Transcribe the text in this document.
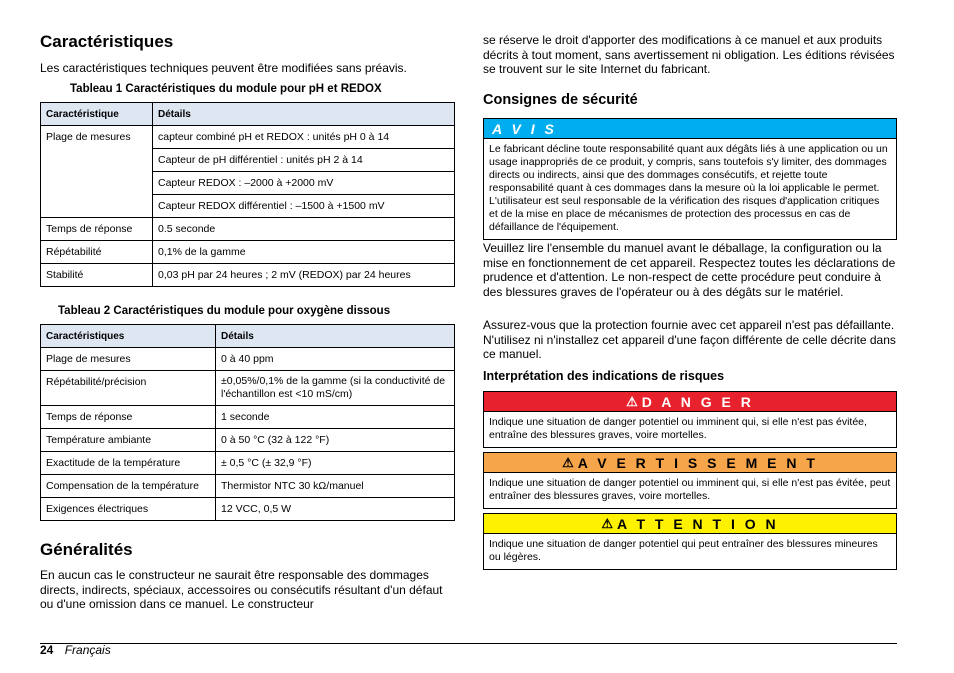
Caractéristiques

Les caractéristiques techniques peuvent être modifiées sans préavis.

Tableau 1 Caractéristiques du module pour pH et REDOX
Caractéristique	Détails
Plage de mesures	capteur combiné pH et REDOX : unités pH 0 à 14
	Capteur de pH différentiel : unités pH 2 à 14
	Capteur REDOX : –2000 à +2000 mV
	Capteur REDOX différentiel : –1500 à +1500 mV
Temps de réponse	0.5 seconde
Répétabilité	0,1% de la gamme
Stabilité	0,03 pH par 24 heures ; 2 mV (REDOX) par 24 heures
Tableau 2 Caractéristiques du module pour oxygène dissous
Caractéristiques	Détails
Plage de mesures	0 à 40 ppm
Répétabilité/précision	±0,05%/0,1% de la gamme (si la conductivité de l'échantillon est <10 mS/cm)
Temps de réponse	1 seconde
Température ambiante	0 à 50 °C (32 à 122 °F)
Exactitude de la température	± 0,5 °C (± 32,9 °F)
Compensation de la température	Thermistor NTC 30 kΩ/manuel
Exigences électriques	12 VCC, 0,5 W
Généralités

En aucun cas le constructeur ne saurait être responsable des dommages directs, indirects, spéciaux, accessoires ou consécutifs résultant d'un défaut ou d'une omission dans ce manuel. Le constructeur

se réserve le droit d'apporter des modifications à ce manuel et aux produits décrits à tout moment, sans avertissement ni obligation. Les éditions révisées se trouvent sur le site Internet du fabricant.

Consignes de sécurité
A V I S
Le fabricant décline toute responsabilité quant aux dégâts liés à une application ou un usage inappropriés de ce produit, y compris, sans toutefois s'y limiter, des dommages directs ou indirects, ainsi que des dommages consécutifs, et rejette toute responsabilité quant à ces dommages dans la mesure où la loi applicable le permet. L'utilisateur est seul responsable de la vérification des risques d'application critiques et de la mise en place de mécanismes de protection des processus en cas de défaillance de l'équipement.

Veuillez lire l'ensemble du manuel avant le déballage, la configuration ou la mise en fonctionnement de cet appareil. Respectez toutes les déclarations de prudence et d'attention. Le non-respect de cette procédure peut conduire à des blessures graves de l'opérateur ou à des dégâts sur le matériel.

Assurez-vous que la protection fournie avec cet appareil n'est pas défaillante. N'utilisez ni n'installez cet appareil d'une façon différente de celle décrite dans ce manuel.

Interprétation des indications de risques
⚠ D A N G E R
Indique une situation de danger potentiel ou imminent qui, si elle n'est pas évitée, entraîne des blessures graves, voire mortelles.
⚠ A V E R T I S S E M E N T
Indique une situation de danger potentiel ou imminent qui, si elle n'est pas évitée, peut entraîner des blessures graves, voire mortelles.
⚠ A T T E N T I O N
Indique une situation de danger potentiel qui peut entraîner des blessures mineures ou légères.
24 Français
